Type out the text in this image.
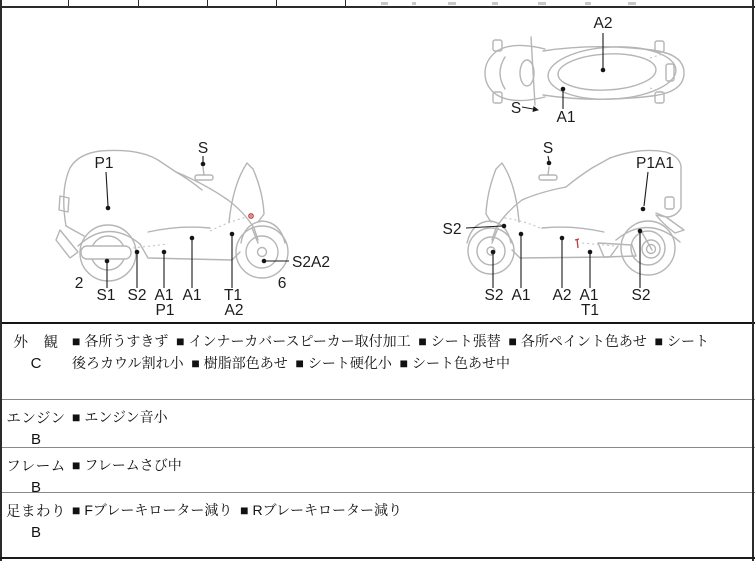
A2
A1
S
P1
S
2
S1 S2 A1
P1
A1 T1
A2
S2A2
6
S
P1A1
S2
S2 A1 A2 A1
T1
S2
外　観
C
■ 各所うすきず  ■ インナーカバースピーカー取付加工  ■ シート張替  ■ 各所ペイント色あせ  ■ シート後ろカウル割れ小  ■ 樹脂部色あせ  ■ シート硬化小  ■ シート色あせ中
エンジン
B
■ エンジン音小
フレーム
B
■ フレームさび中
足まわり
B
■ Fブレーキローター減り  ■ Rブレーキローター減り
